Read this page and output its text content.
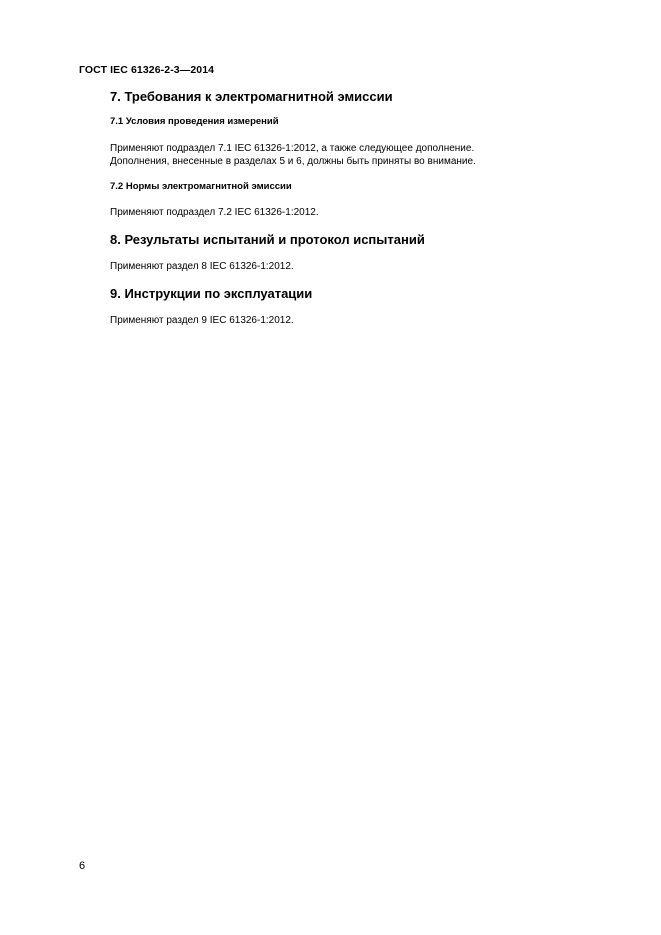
ГОСТ IEC 61326-2-3—2014
7. Требования к электромагнитной эмиссии
7.1 Условия проведения измерений
Применяют подраздел 7.1 IEC 61326-1:2012, а также следующее дополнение.
Дополнения, внесенные в разделах 5 и 6, должны быть приняты во внимание.
7.2 Нормы электромагнитной эмиссии
Применяют подраздел 7.2 IEC 61326-1:2012.
8. Результаты испытаний и протокол испытаний
Применяют раздел 8 IEC 61326-1:2012.
9. Инструкции по эксплуатации
Применяют раздел 9 IEC 61326-1:2012.
6
